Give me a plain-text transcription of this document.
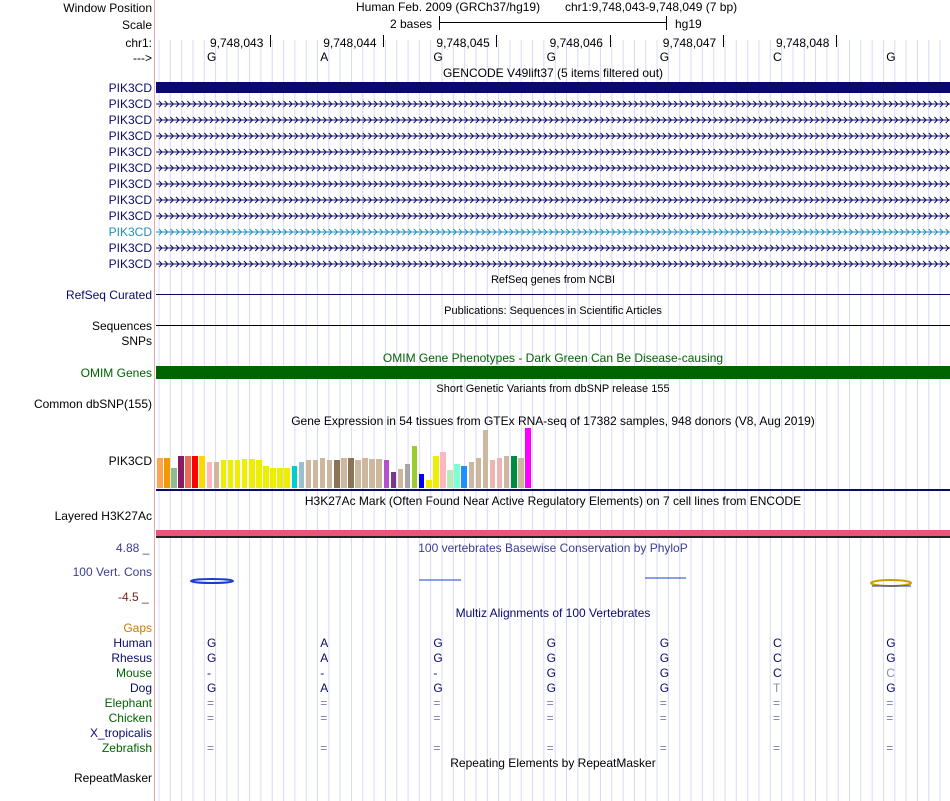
Window Position	Human Feb. 2009 (GRCh37/hg19) chr1:9,748,043-9,748,049 (7 bp)
Scale	2 bases	hg19
chr1:	9,748,043	9,748,044	9,748,045	9,748,046	9,748,047	9,748,048
--->	G	A	G	G	G	C	G
GENCODE V49lift37 (5 items filtered out)
PIK3CD
PIK3CD
PIK3CD
PIK3CD
PIK3CD
PIK3CD
PIK3CD
PIK3CD
PIK3CD
PIK3CD
PIK3CD
PIK3CD
RefSeq genes from NCBI
RefSeq Curated
Publications: Sequences in Scientific Articles
Sequences
SNPs
OMIM Gene Phenotypes - Dark Green Can Be Disease-causing
OMIM Genes
Short Genetic Variants from dbSNP release 155
Common dbSNP(155)
Gene Expression in 54 tissues from GTEx RNA-seq of 17382 samples, 948 donors (V8, Aug 2019)
PIK3CD
H3K27Ac Mark (Often Found Near Active Regulatory Elements) on 7 cell lines from ENCODE
Layered H3K27Ac
4.88 _	100 vertebrates Basewise Conservation by PhyloP
100 Vert. Cons
-4.5 _
Multiz Alignments of 100 Vertebrates
Gaps
Human	G	A	G	G	G	C	G
Rhesus	G	A	G	G	G	C	G
Mouse	-	-	-	G	G	C	C
Dog	G	A	G	G	G	T	G
Elephant	=	=	=	=	=	=	=
Chicken	=	=	=	=	=	=	=
X_tropicalis
Zebrafish	=	=	=	=	=	=	=
Repeating Elements by RepeatMasker
RepeatMasker
